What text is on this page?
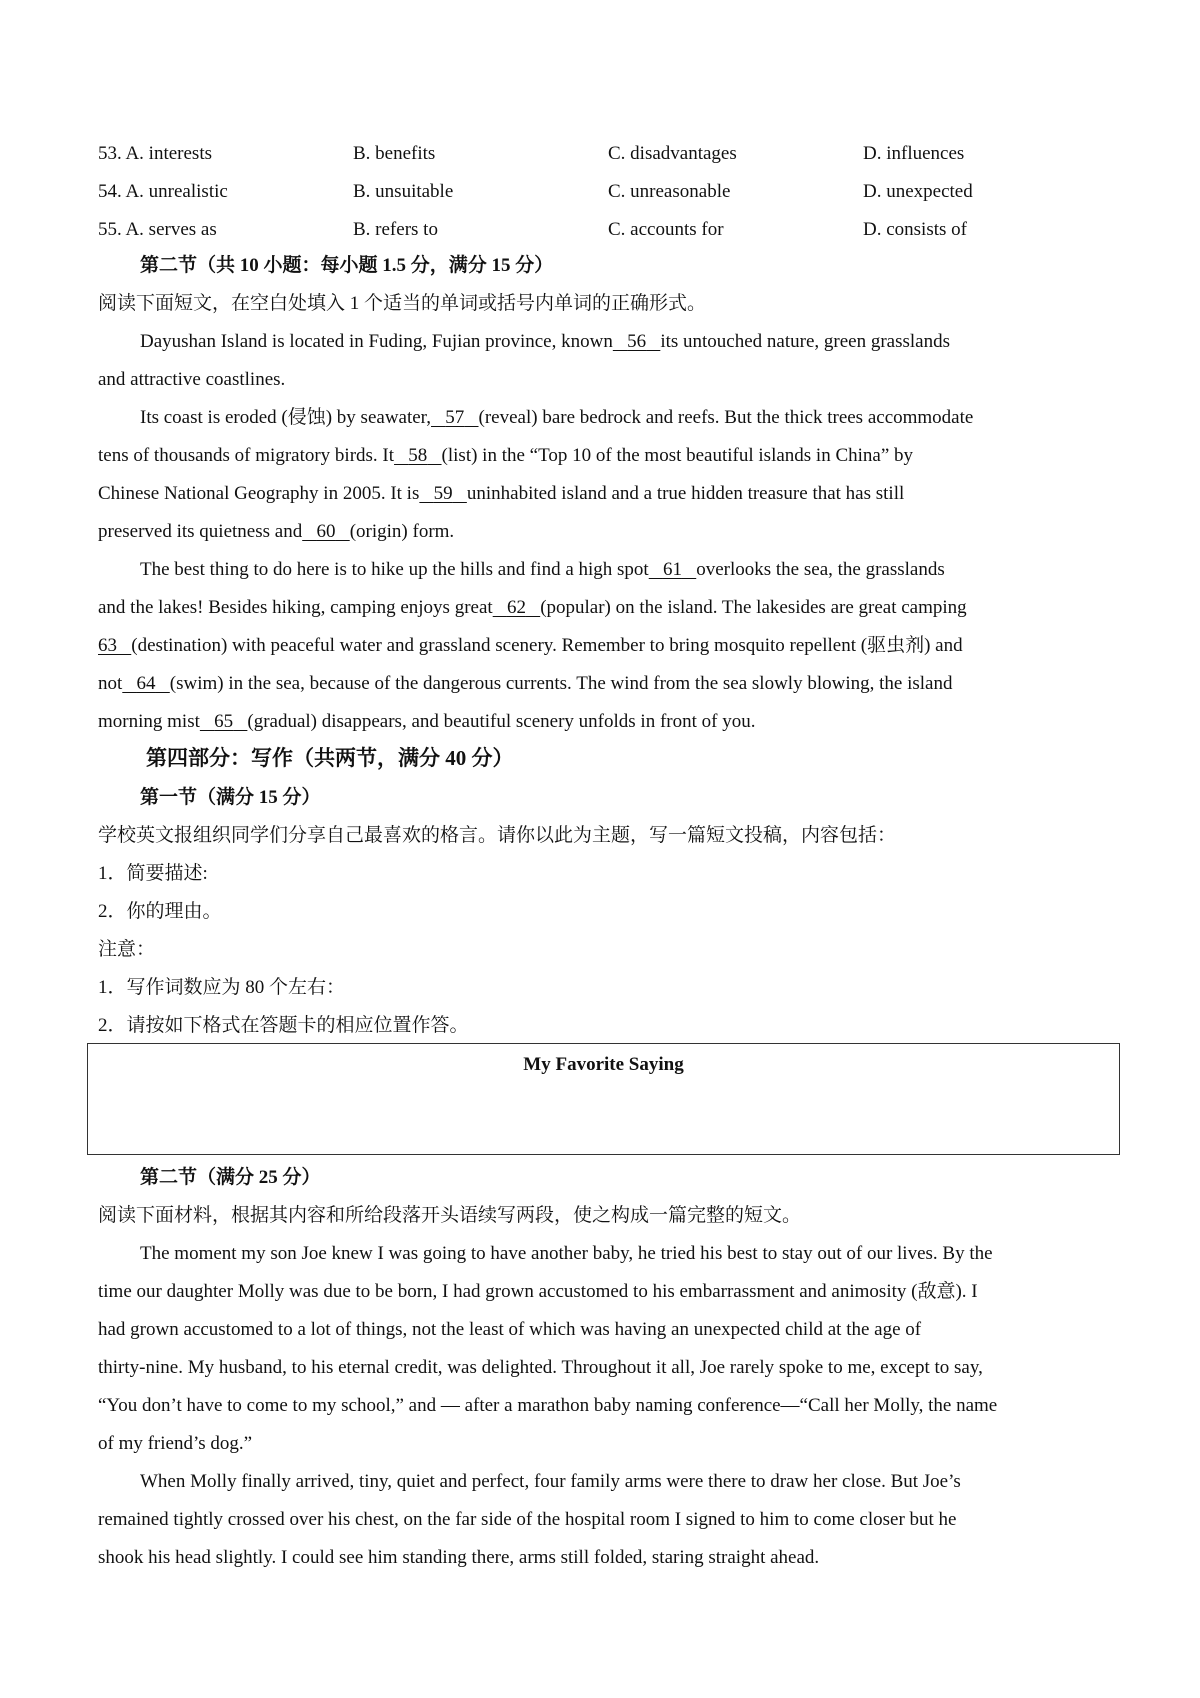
53. A. interests	B. benefits	C. disadvantages	D. influences
54. A. unrealistic	B. unsuitable	C. unreasonable	D. unexpected
55. A. serves as	B. refers to	C. accounts for	D. consists of
第二节（共 10 小题：每小题 1.5 分，满分 15 分）
阅读下面短文，在空白处填入 1 个适当的单词或括号内单词的正确形式。
Dayushan Island is located in Fuding, Fujian province, known 56 its untouched nature, green grasslands
and attractive coastlines.
Its coast is eroded (侵蚀) by seawater, 57 (reveal) bare bedrock and reefs. But the thick trees accommodate
tens of thousands of migratory birds. It 58 (list) in the “Top 10 of the most beautiful islands in China” by
Chinese National Geography in 2005. It is 59 uninhabited island and a true hidden treasure that has still
preserved its quietness and 60 (origin) form.
The best thing to do here is to hike up the hills and find a high spot 61 overlooks the sea, the grasslands
and the lakes! Besides hiking, camping enjoys great 62 (popular) on the island. The lakesides are great camping
63 (destination) with peaceful water and grassland scenery. Remember to bring mosquito repellent (驱虫剂) and
not 64 (swim) in the sea, because of the dangerous currents. The wind from the sea slowly blowing, the island
morning mist 65 (gradual) disappears, and beautiful scenery unfolds in front of you.
第四部分：写作（共两节，满分 40 分）
第一节（满分 15 分）
学校英文报组织同学们分享自己最喜欢的格言。请你以此为主题，写一篇短文投稿，内容包括：
1．简要描述:
2．你的理由。
注意：
1．写作词数应为 80 个左右：
2．请按如下格式在答题卡的相应位置作答。
My Favorite Saying
第二节（满分 25 分）
阅读下面材料，根据其内容和所给段落开头语续写两段，使之构成一篇完整的短文。
The moment my son Joe knew I was going to have another baby, he tried his best to stay out of our lives. By the
time our daughter Molly was due to be born, I had grown accustomed to his embarrassment and animosity (敌意). I
had grown accustomed to a lot of things, not the least of which was having an unexpected child at the age of
thirty-nine. My husband, to his eternal credit, was delighted. Throughout it all, Joe rarely spoke to me, except to say,
“You don’t have to come to my school,” and — after a marathon baby naming conference—“Call her Molly, the name
of my friend’s dog.”
When Molly finally arrived, tiny, quiet and perfect, four family arms were there to draw her close. But Joe’s
remained tightly crossed over his chest, on the far side of the hospital room I signed to him to come closer but he
shook his head slightly. I could see him standing there, arms still folded, staring straight ahead.
